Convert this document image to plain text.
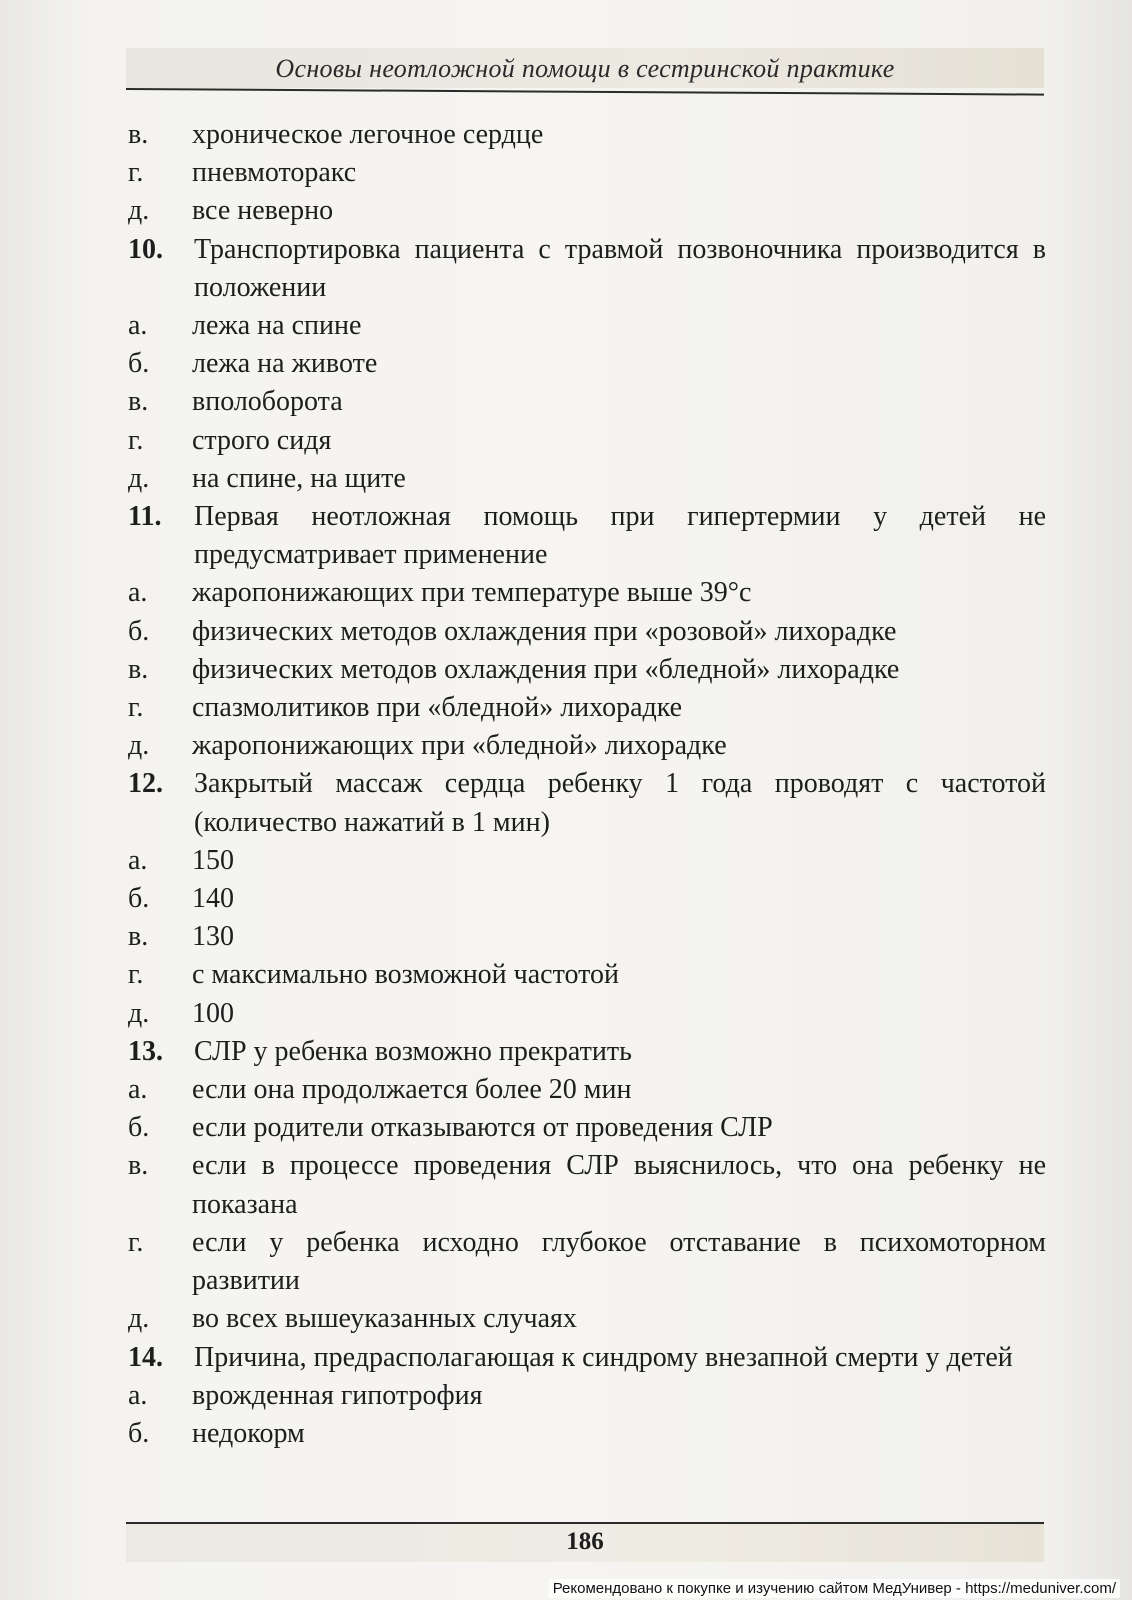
Основы неотложной помощи в сестринской практике
в.	хроническое легочное сердце
г.	пневмоторакс
д.	все неверно
10.	Транспортировка пациента с травмой позвоночника производится в положении
а.	лежа на спине
б.	лежа на животе
в.	вполоборота
г.	строго сидя
д.	на спине, на щите
11.	Первая неотложная помощь при гипертермии у детей не предусматривает применение
а.	жаропонижающих при температуре выше 39°с
б.	физических методов охлаждения при «розовой» лихорадке
в.	физических методов охлаждения при «бледной» лихорадке
г.	спазмолитиков при «бледной» лихорадке
д.	жаропонижающих при «бледной» лихорадке
12.	Закрытый массаж сердца ребенку 1 года проводят с частотой (количество нажатий в 1 мин)
а.	150
б.	140
в.	130
г.	с максимально возможной частотой
д.	100
13.	СЛР у ребенка возможно прекратить
а.	если она продолжается более 20 мин
б.	если родители отказываются от проведения СЛР
в.	если в процессе проведения СЛР выяснилось, что она ребенку не показана
г.	если у ребенка исходно глубокое отставание в психомоторном развитии
д.	во всех вышеуказанных случаях
14.	Причина, предрасполагающая к синдрому внезапной смерти у детей
а.	врожденная гипотрофия
б.	недокорм
186
Рекомендовано к покупке и изучению сайтом МедУнивер - https://meduniver.com/
